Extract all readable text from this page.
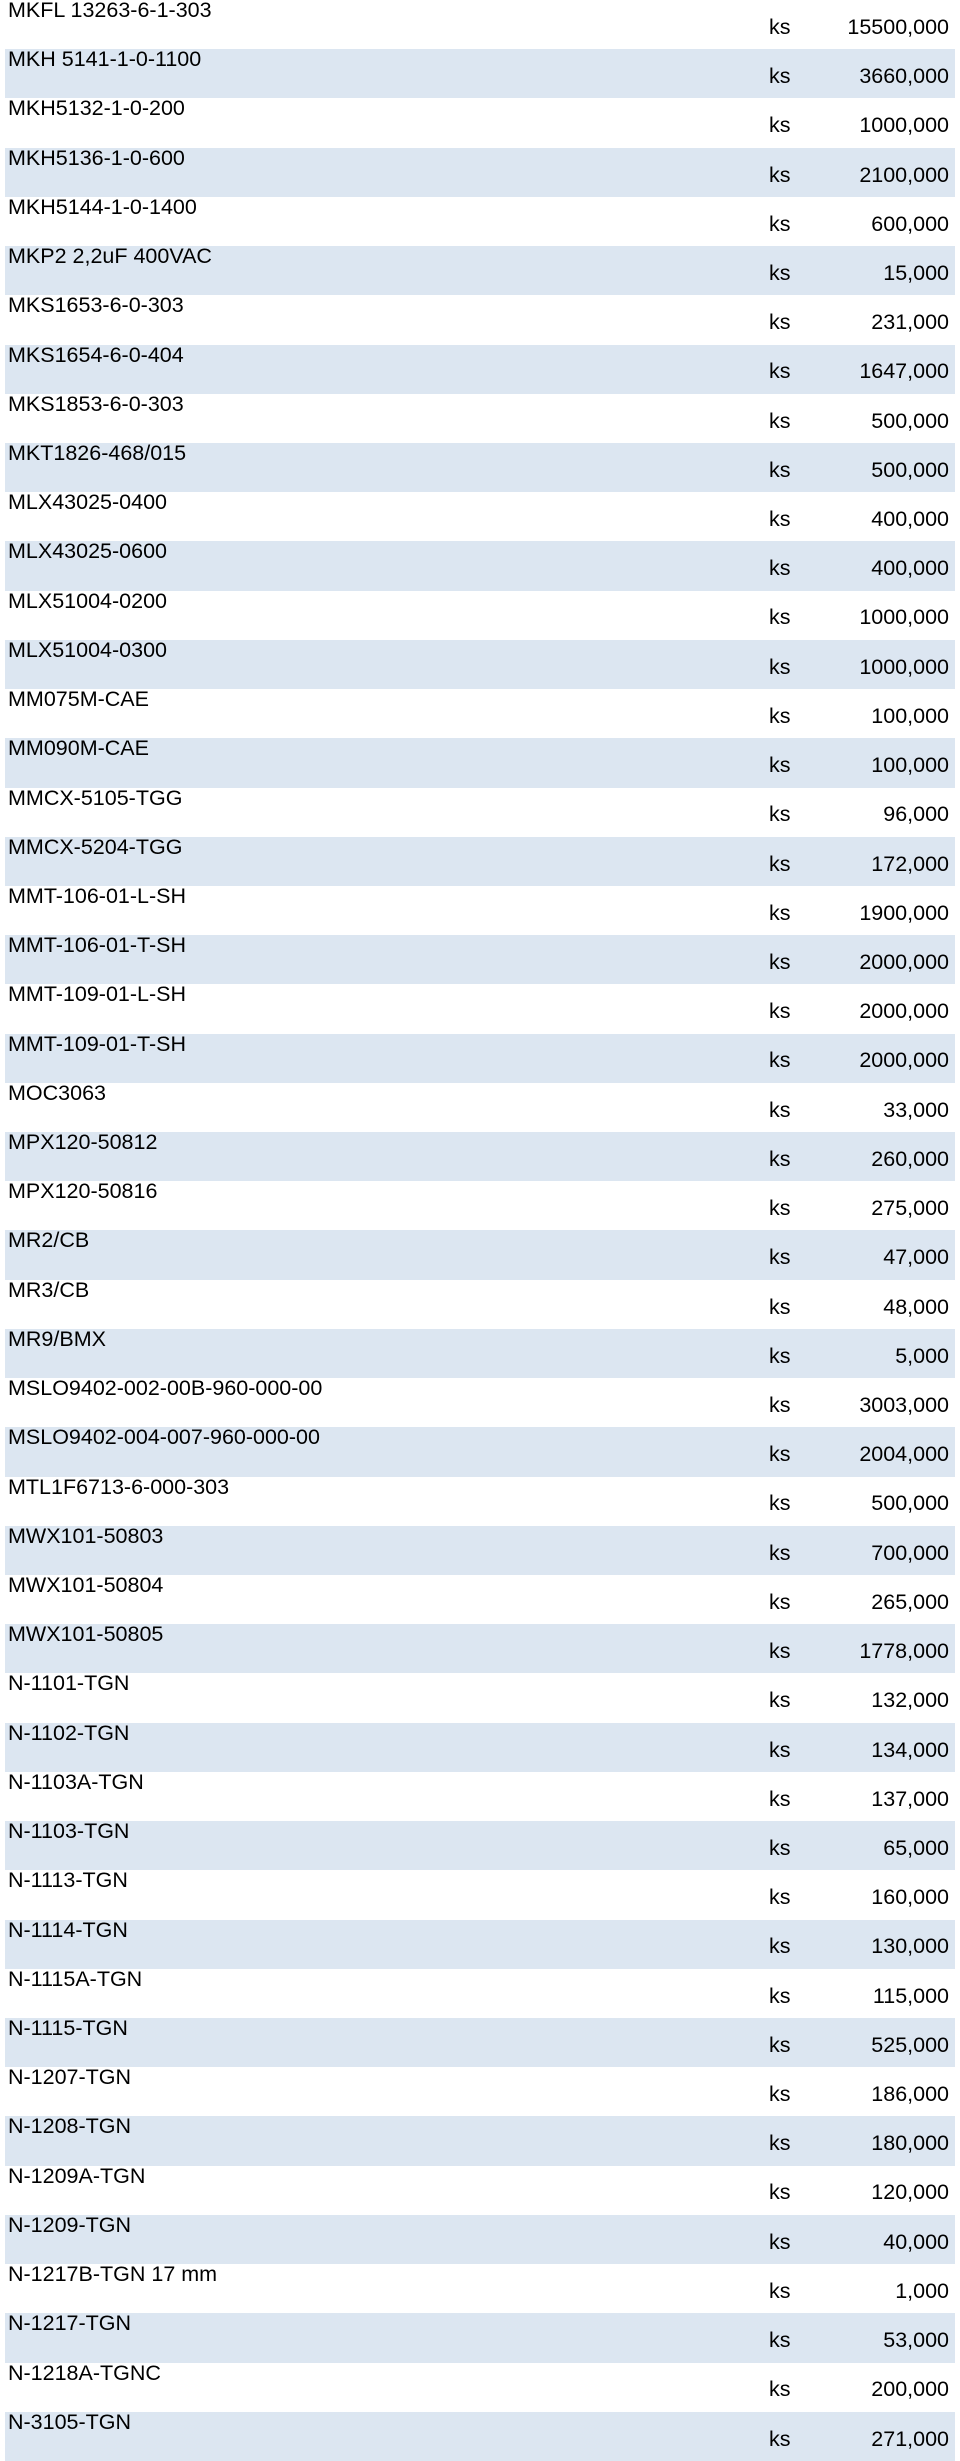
MKFL 13263-6-1-303	ks	15500,000
MKH 5141-1-0-1100	ks	3660,000
MKH5132-1-0-200	ks	1000,000
MKH5136-1-0-600	ks	2100,000
MKH5144-1-0-1400	ks	600,000
MKP2 2,2uF 400VAC	ks	15,000
MKS1653-6-0-303	ks	231,000
MKS1654-6-0-404	ks	1647,000
MKS1853-6-0-303	ks	500,000
MKT1826-468/015	ks	500,000
MLX43025-0400	ks	400,000
MLX43025-0600	ks	400,000
MLX51004-0200	ks	1000,000
MLX51004-0300	ks	1000,000
MM075M-CAE	ks	100,000
MM090M-CAE	ks	100,000
MMCX-5105-TGG	ks	96,000
MMCX-5204-TGG	ks	172,000
MMT-106-01-L-SH	ks	1900,000
MMT-106-01-T-SH	ks	2000,000
MMT-109-01-L-SH	ks	2000,000
MMT-109-01-T-SH	ks	2000,000
MOC3063	ks	33,000
MPX120-50812	ks	260,000
MPX120-50816	ks	275,000
MR2/CB	ks	47,000
MR3/CB	ks	48,000
MR9/BMX	ks	5,000
MSLO9402-002-00B-960-000-00	ks	3003,000
MSLO9402-004-007-960-000-00	ks	2004,000
MTL1F6713-6-000-303	ks	500,000
MWX101-50803	ks	700,000
MWX101-50804	ks	265,000
MWX101-50805	ks	1778,000
N-1101-TGN	ks	132,000
N-1102-TGN	ks	134,000
N-1103A-TGN	ks	137,000
N-1103-TGN	ks	65,000
N-1113-TGN	ks	160,000
N-1114-TGN	ks	130,000
N-1115A-TGN	ks	115,000
N-1115-TGN	ks	525,000
N-1207-TGN	ks	186,000
N-1208-TGN	ks	180,000
N-1209A-TGN	ks	120,000
N-1209-TGN	ks	40,000
N-1217B-TGN 17 mm	ks	1,000
N-1217-TGN	ks	53,000
N-1218A-TGNC	ks	200,000
N-3105-TGN	ks	271,000
